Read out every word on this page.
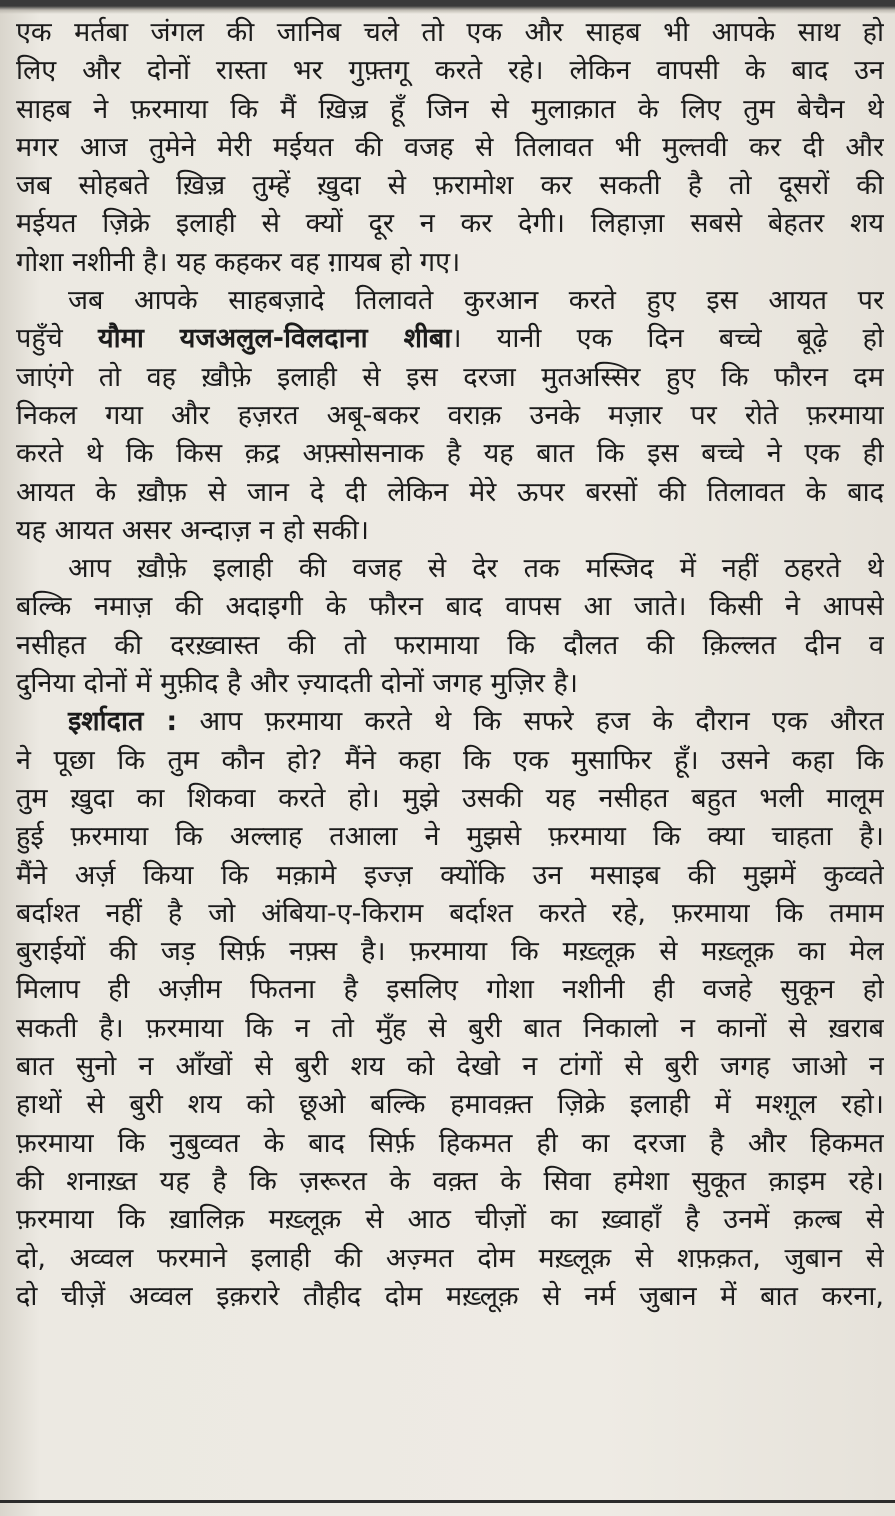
एक मर्तबा जंगल की जानिब चले तो एक और साहब भी आपके साथ हो
लिए और दोनों रास्ता भर गुफ़्तगू करते रहे। लेकिन वापसी के बाद उन
साहब ने फ़रमाया कि मैं ख़िज़्र हूँ जिन से मुलाक़ात के लिए तुम बेचैन थे
मगर आज तुमेने मेरी मईयत की वजह से तिलावत भी मुल्तवी कर दी और
जब सोहबते ख़िज़्र तुम्हें ख़ुदा से फ़रामोश कर सकती है तो दूसरों की
मईयत ज़िक्रे इलाही से क्यों दूर न कर देगी। लिहाज़ा सबसे बेहतर शय
गोशा नशीनी है। यह कहकर वह ग़ायब हो गए।
जब आपके साहबज़ादे तिलावते कुरआन करते हुए इस आयत पर
पहुँचे यौमा यजअलुल-विलदाना शीबा। यानी एक दिन बच्चे बूढ़े हो
जाएंगे तो वह ख़ौफ़े इलाही से इस दरजा मुतअस्सिर हुए कि फौरन दम
निकल गया और हज़रत अबू-बकर वराक़ उनके मज़ार पर रोते फ़रमाया
करते थे कि किस क़द्र अफ़्सोसनाक है यह बात कि इस बच्चे ने एक ही
आयत के ख़ौफ़ से जान दे दी लेकिन मेरे ऊपर बरसों की तिलावत के बाद
यह आयत असर अन्दाज़ न हो सकी।
आप ख़ौफ़े इलाही की वजह से देर तक मस्जिद में नहीं ठहरते थे
बल्कि नमाज़ की अदाइगी के फौरन बाद वापस आ जाते। किसी ने आपसे
नसीहत की दरख़्वास्त की तो फरामाया कि दौलत की क़िल्लत दीन व
दुनिया दोनों में मुफ़ीद है और ज़्यादती दोनों जगह मुज़िर है।
इर्शादात : आप फ़रमाया करते थे कि सफरे हज के दौरान एक औरत
ने पूछा कि तुम कौन हो? मैंने कहा कि एक मुसाफिर हूँ। उसने कहा कि
तुम ख़ुदा का शिकवा करते हो। मुझे उसकी यह नसीहत बहुत भली मालूम
हुई फ़रमाया कि अल्लाह तआला ने मुझसे फ़रमाया कि क्या चाहता है।
मैंने अर्ज़ किया कि मक़ामे इज्ज़ क्योंकि उन मसाइब की मुझमें कुव्वते
बर्दाश्त नहीं है जो अंबिया-ए-किराम बर्दाश्त करते रहे, फ़रमाया कि तमाम
बुराईयों की जड़ सिर्फ़ नफ़्स है। फ़रमाया कि मख़्लूक़ से मख़्लूक़ का मेल
मिलाप ही अज़ीम फितना है इसलिए गोशा नशीनी ही वजहे सुकून हो
सकती है। फ़रमाया कि न तो मुँह से बुरी बात निकालो न कानों से ख़राब
बात सुनो न आँखों से बुरी शय को देखो न टांगों से बुरी जगह जाओ न
हाथों से बुरी शय को छूओ बल्कि हमावक़्त ज़िक्रे इलाही में मश्ग़ूल रहो।
फ़रमाया कि नुबुव्वत के बाद सिर्फ़ हिकमत ही का दरजा है और हिकमत
की शनाख़्त यह है कि ज़रूरत के वक़्त के सिवा हमेशा सुकूत क़ाइम रहे।
फ़रमाया कि ख़ालिक़ मख़्लूक़ से आठ चीज़ों का ख़्वाहाँ है उनमें क़ल्ब से
दो, अव्वल फरमाने इलाही की अज़्मत दोम मख़्लूक़ से शफ़क़त, जुबान से
दो चीज़ें अव्वल इक़रारे तौहीद दोम मख़्लूक़ से नर्म जुबान में बात करना,
